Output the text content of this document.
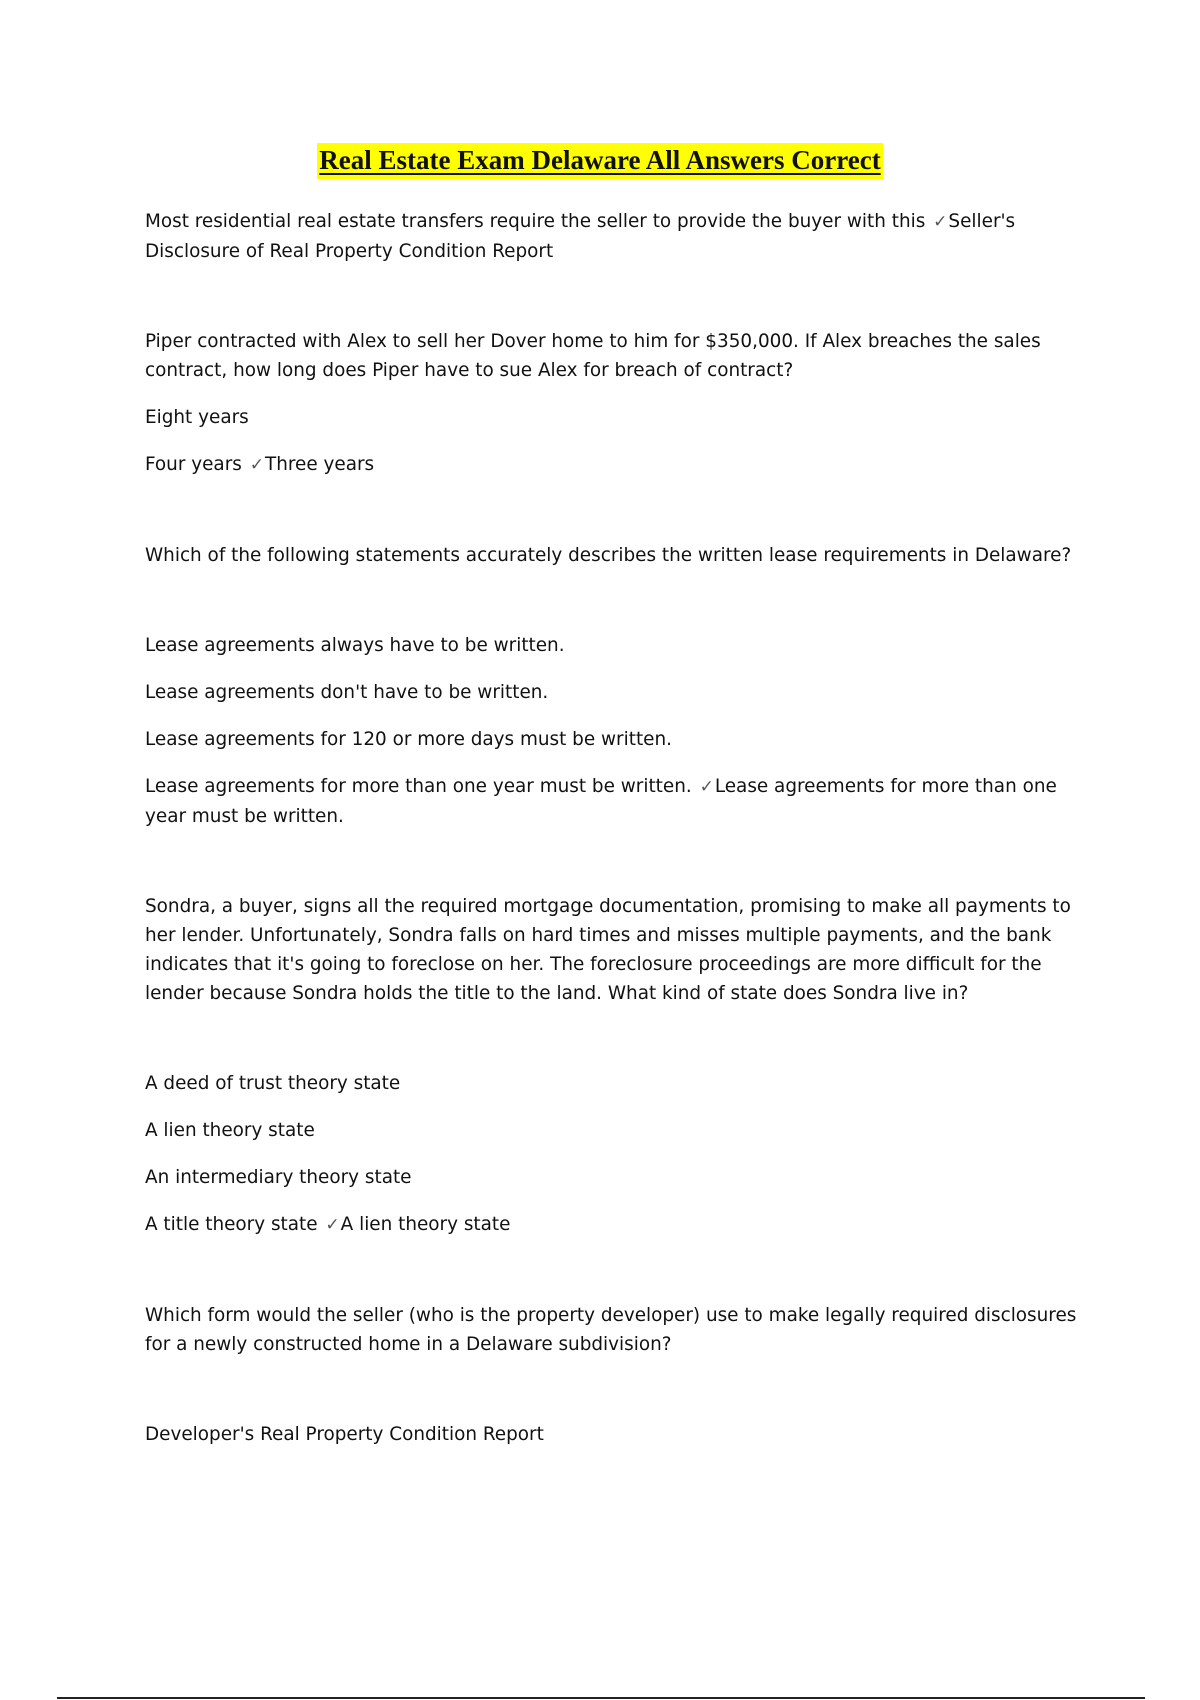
Real Estate Exam Delaware All Answers Correct

Most residential real estate transfers require the seller to provide the buyer with this ✓Seller's Disclosure of Real Property Condition Report

Piper contracted with Alex to sell her Dover home to him for $350,000. If Alex breaches the sales contract, how long does Piper have to sue Alex for breach of contract?

Eight years

Four years ✓Three years

Which of the following statements accurately describes the written lease requirements in Delaware?

Lease agreements always have to be written.

Lease agreements don't have to be written.

Lease agreements for 120 or more days must be written.

Lease agreements for more than one year must be written. ✓Lease agreements for more than one year must be written.

Sondra, a buyer, signs all the required mortgage documentation, promising to make all payments to her lender. Unfortunately, Sondra falls on hard times and misses multiple payments, and the bank indicates that it's going to foreclose on her. The foreclosure proceedings are more difficult for the lender because Sondra holds the title to the land. What kind of state does Sondra live in?

A deed of trust theory state

A lien theory state

An intermediary theory state

A title theory state ✓A lien theory state

Which form would the seller (who is the property developer) use to make legally required disclosures for a newly constructed home in a Delaware subdivision?

Developer's Real Property Condition Report
